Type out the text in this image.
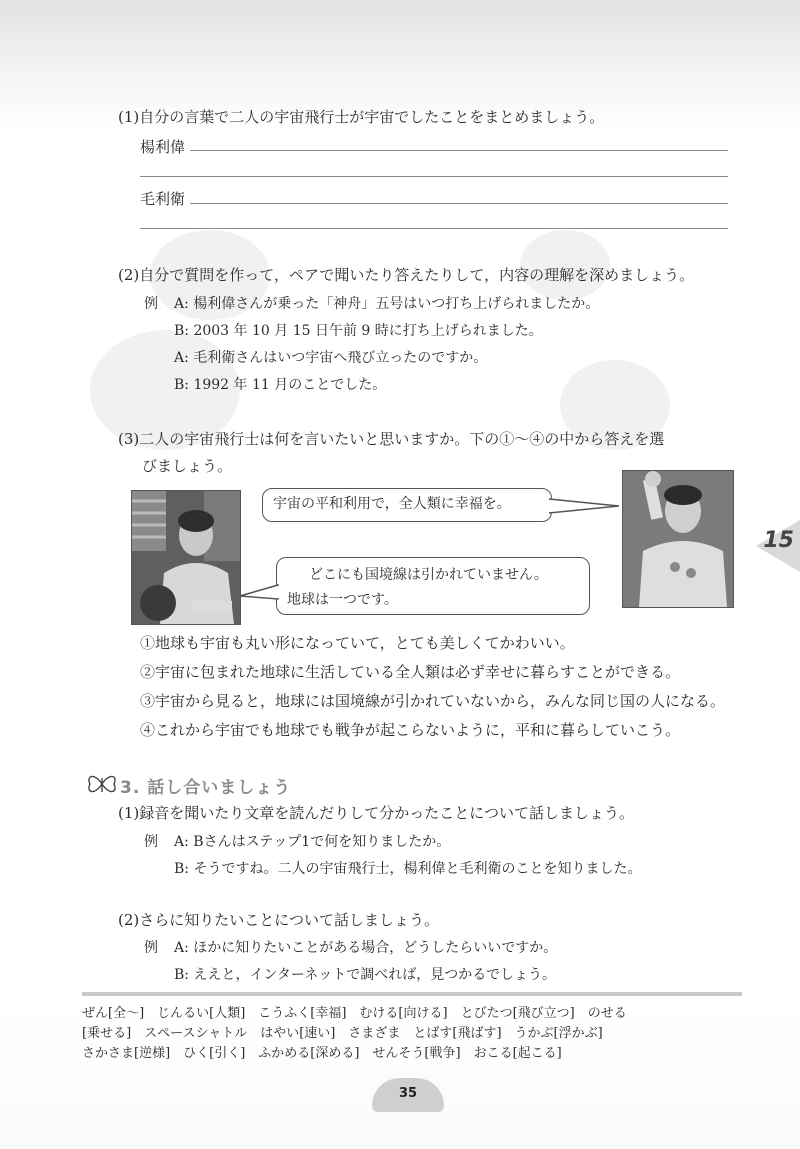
(1)自分の言葉で二人の宇宙飛行士が宇宙でしたことをまとめましょう。
楊利偉
毛利衛
(2)自分で質問を作って，ペアで聞いたり答えたりして，内容の理解を深めましょう。
例 A: 楊利偉さんが乗った「神舟」五号はいつ打ち上げられましたか。
B: 2003 年 10 月 15 日午前 9 時に打ち上げられました。
A: 毛利衛さんはいつ宇宙へ飛び立ったのですか。
B: 1992 年 11 月のことでした。
(3)二人の宇宙飛行士は何を言いたいと思いますか。下の①～④の中から答えを選
びましょう。
宇宙の平和利用で，全人類に幸福を。
どこにも国境線は引かれていません。
地球は一つです。
①地球も宇宙も丸い形になっていて，とても美しくてかわいい。
②宇宙に包まれた地球に生活している全人類は必ず幸せに暮らすことができる。
③宇宙から見ると，地球には国境線が引かれていないから，みんな同じ国の人になる。
④これから宇宙でも地球でも戦争が起こらないように，平和に暮らしていこう。
15
3. 話し合いましょう
(1)録音を聞いたり文章を読んだりして分かったことについて話しましょう。
例 A: Bさんはステップ1で何を知りましたか。
B: そうですね。二人の宇宙飛行士，楊利偉と毛利衛のことを知りました。
(2)さらに知りたいことについて話しましょう。
例 A: ほかに知りたいことがある場合，どうしたらいいですか。
B: ええと，インターネットで調べれば，見つかるでしょう。
ぜん[全～]　じんるい[人類]　こうふく[幸福]　むける[向ける]　とびたつ[飛び立つ]　のせる
[乗せる]　スペースシャトル　はやい[速い]　さまざま　とばす[飛ばす]　うかぶ[浮かぶ]
さかさま[逆様]　ひく[引く]　ふかめる[深める]　せんそう[戦争]　おこる[起こる]
35
